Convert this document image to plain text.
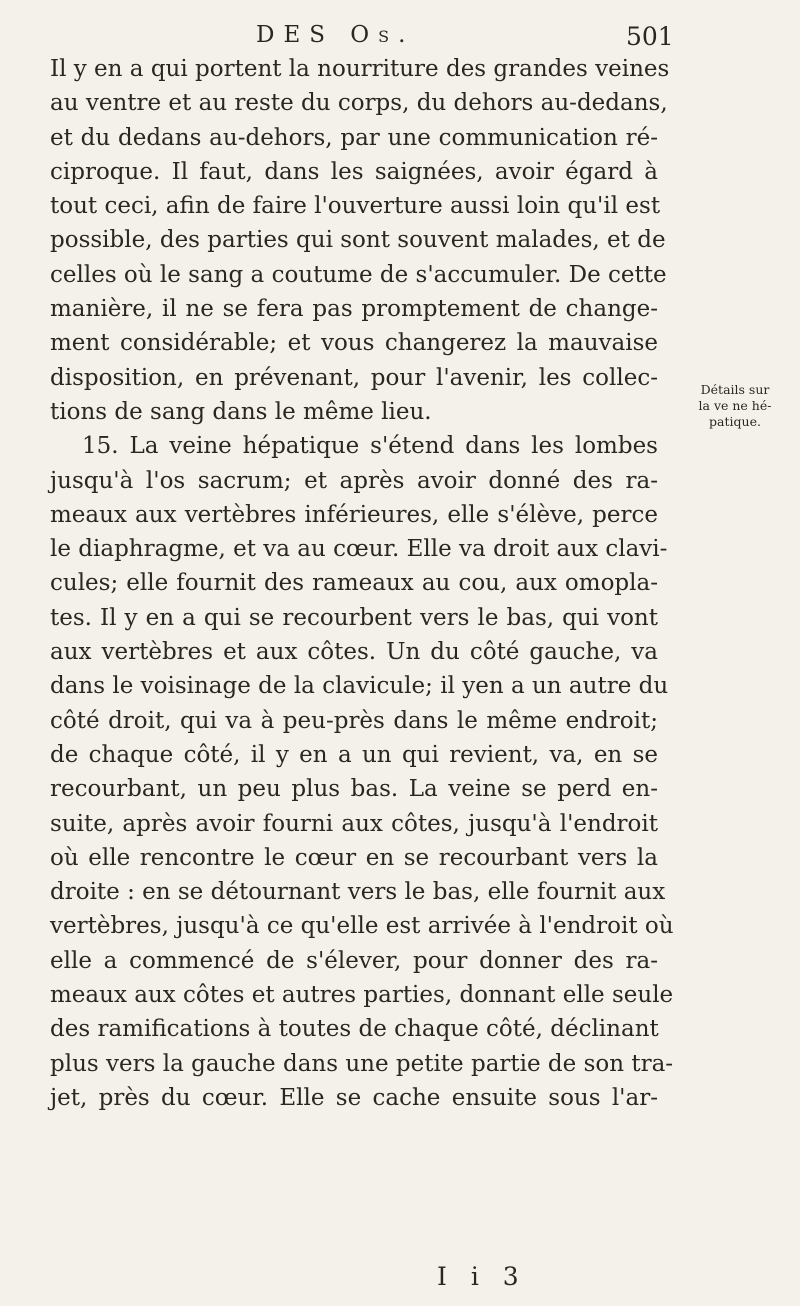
DES Os.	501
Il y en a qui portent la nourriture des grandes veines
au ventre et au reste du corps, du dehors au-dedans,
et du dedans au-dehors, par une communication ré-
ciproque. Il faut, dans les saignées, avoir égard à
tout ceci, afin de faire l'ouverture aussi loin qu'il est
possible, des parties qui sont souvent malades, et de
celles où le sang a coutume de s'accumuler. De cette
manière, il ne se fera pas promptement de change-
ment considérable; et vous changerez la mauvaise
disposition, en prévenant, pour l'avenir, les collec-
tions de sang dans le même lieu.
15. La veine hépatique s'étend dans les lombes
jusqu'à l'os sacrum; et après avoir donné des ra-
meaux aux vertèbres inférieures, elle s'élève, perce
le diaphragme, et va au cœur. Elle va droit aux clavi-
cules; elle fournit des rameaux au cou, aux omopla-
tes. Il y en a qui se recourbent vers le bas, qui vont
aux vertèbres et aux côtes. Un du côté gauche, va
dans le voisinage de la clavicule; il yen a un autre du
côté droit, qui va à peu-près dans le même endroit;
de chaque côté, il y en a un qui revient, va, en se
recourbant, un peu plus bas. La veine se perd en-
suite, après avoir fourni aux côtes, jusqu'à l'endroit
où elle rencontre le cœur en se recourbant vers la
droite : en se détournant vers le bas, elle fournit aux
vertèbres, jusqu'à ce qu'elle est arrivée à l'endroit où
elle a commencé de s'élever, pour donner des ra-
meaux aux côtes et autres parties, donnant elle seule
des ramifications à toutes de chaque côté, déclinant
plus vers la gauche dans une petite partie de son tra-
jet, près du cœur. Elle se cache ensuite sous l'ar-
Détails sur
la ve ne hé-
patique.
I i 3
